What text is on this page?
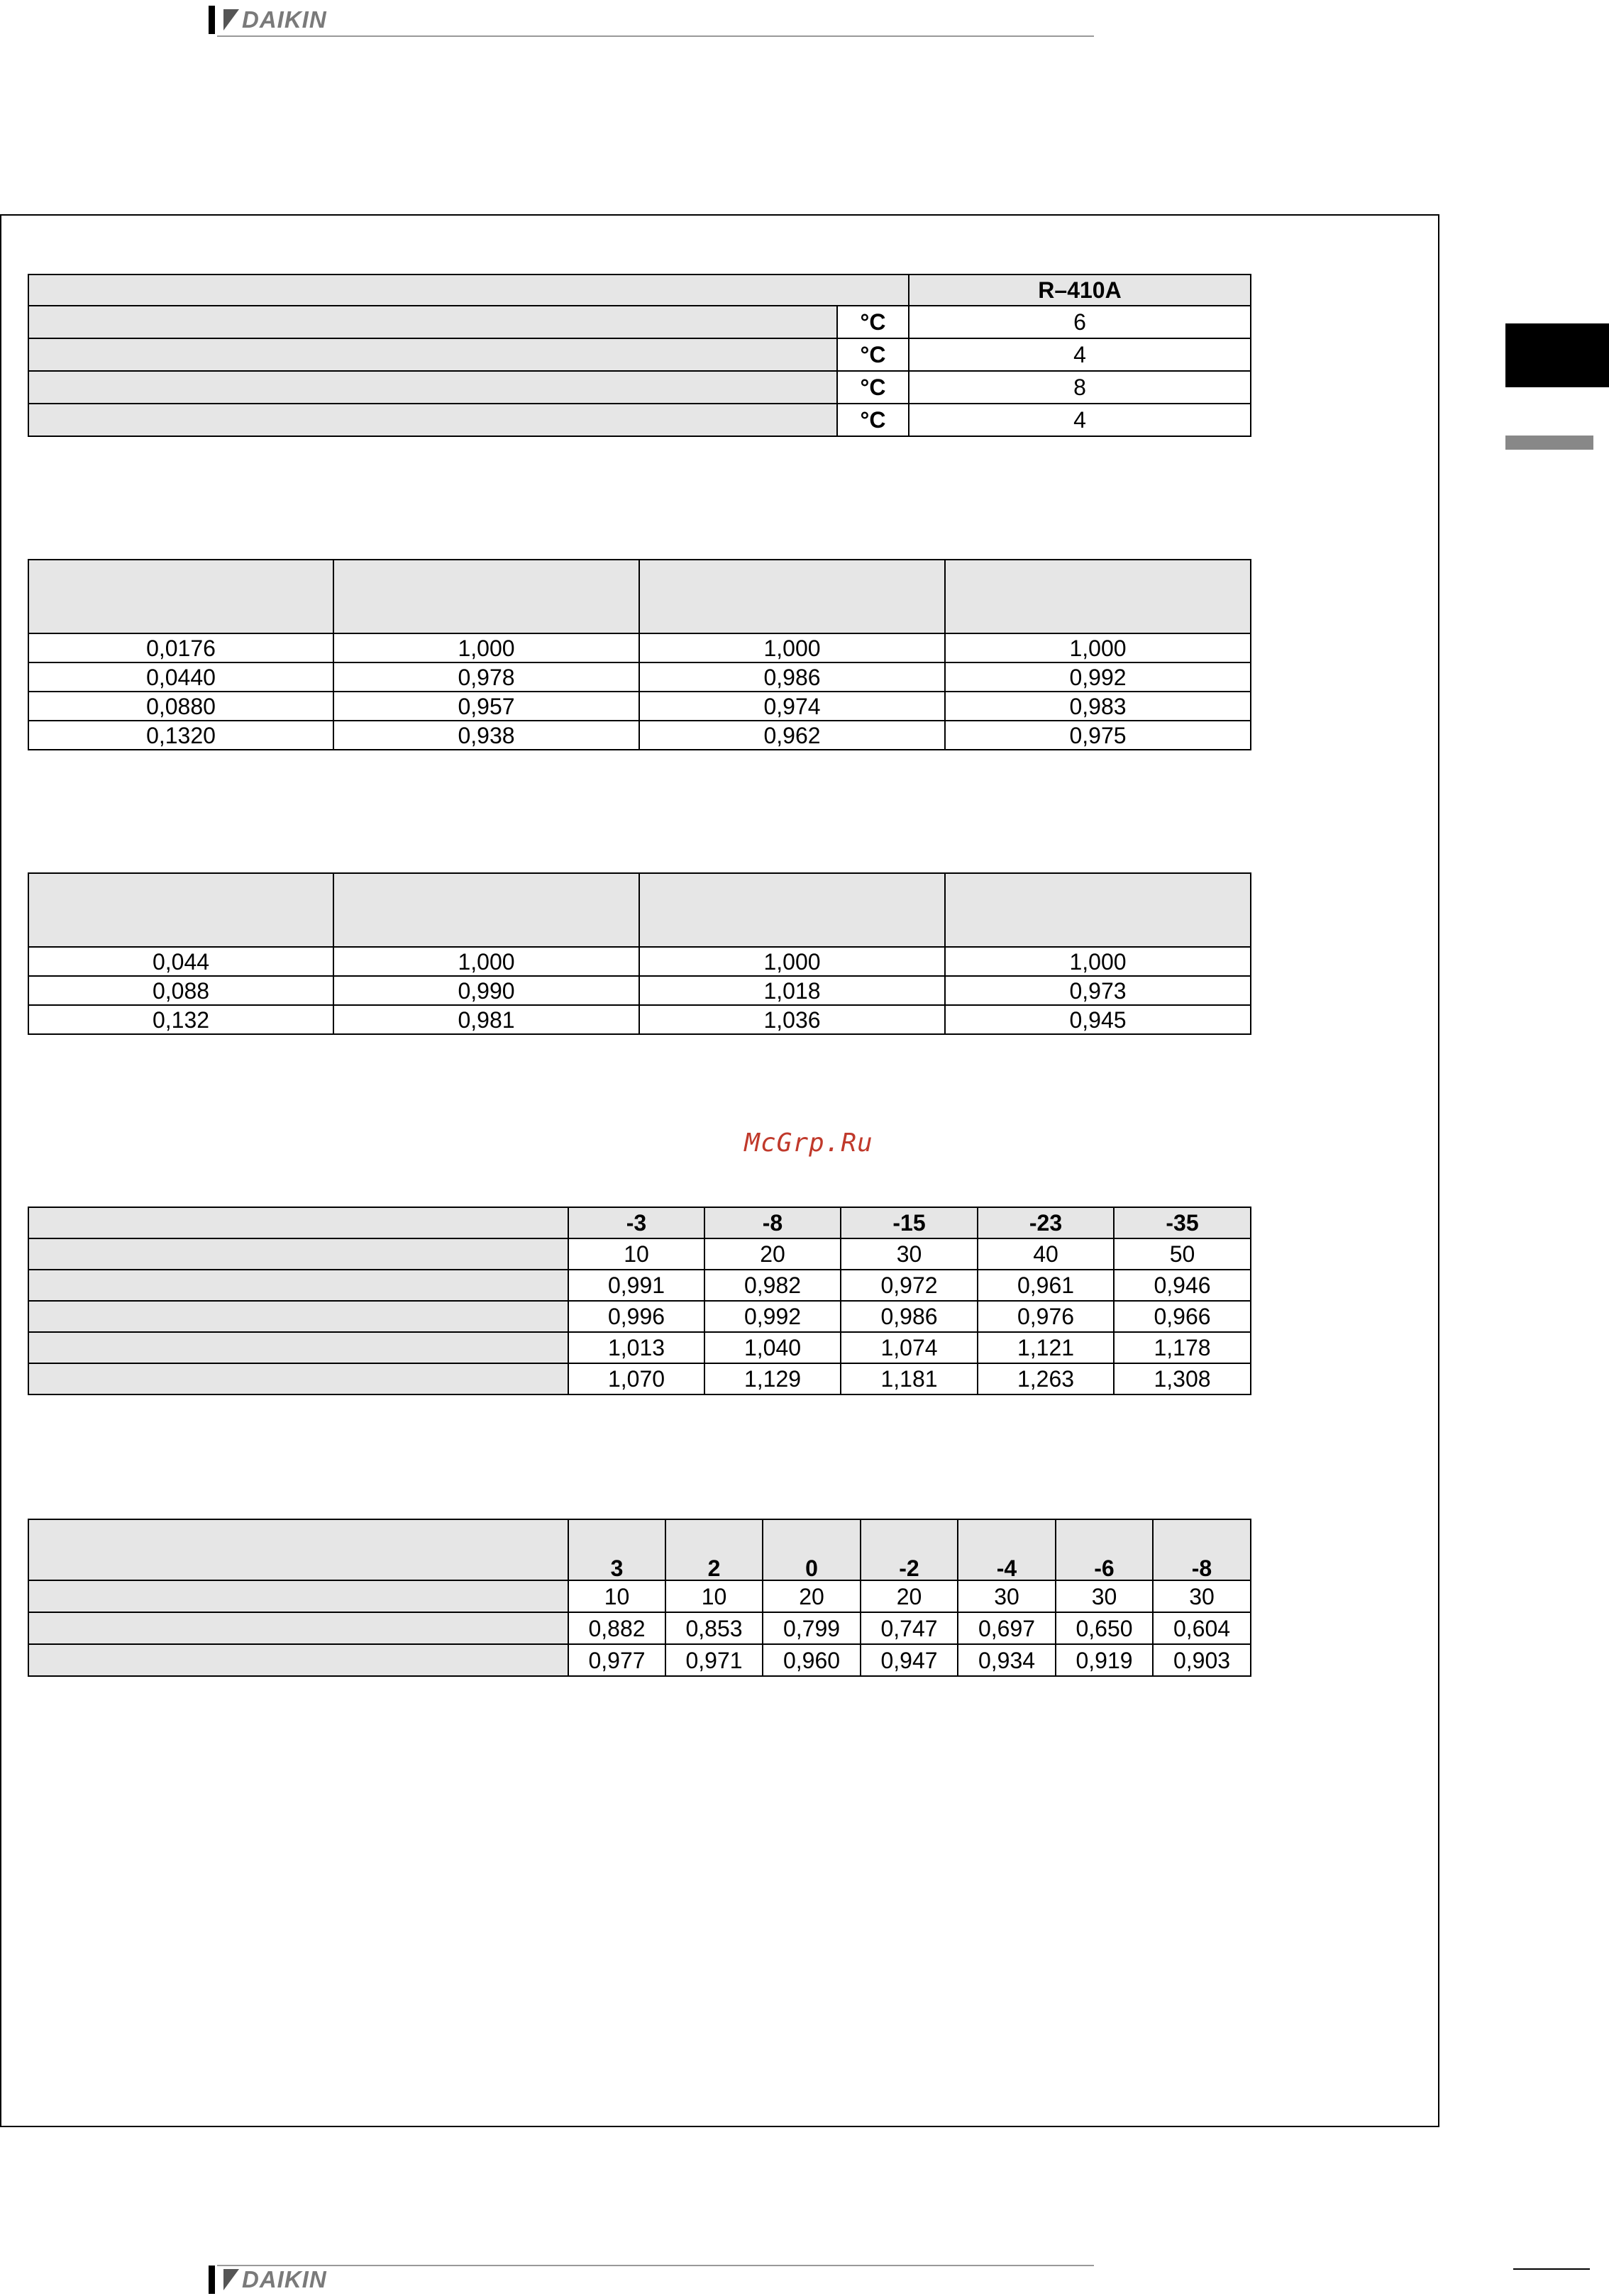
DAIKIN
		R–410A
	°C	6
	°C	4
	°C	8
	°C	4

0,0176	1,000	1,000	1,000
0,0440	0,978	0,986	0,992
0,0880	0,957	0,974	0,983
0,1320	0,938	0,962	0,975

0,044	1,000	1,000	1,000
0,088	0,990	1,018	0,973
0,132	0,981	1,036	0,945
McGrp.Ru
	-3	-8	-15	-23	-35
	10	20	30	40	50
	0,991	0,982	0,972	0,961	0,946
	0,996	0,992	0,986	0,976	0,966
	1,013	1,040	1,074	1,121	1,178
	1,070	1,129	1,181	1,263	1,308
	3	2	0	-2	-4	-6	-8
	10	10	20	20	30	30	30
	0,882	0,853	0,799	0,747	0,697	0,650	0,604
	0,977	0,971	0,960	0,947	0,934	0,919	0,903
DAIKIN
